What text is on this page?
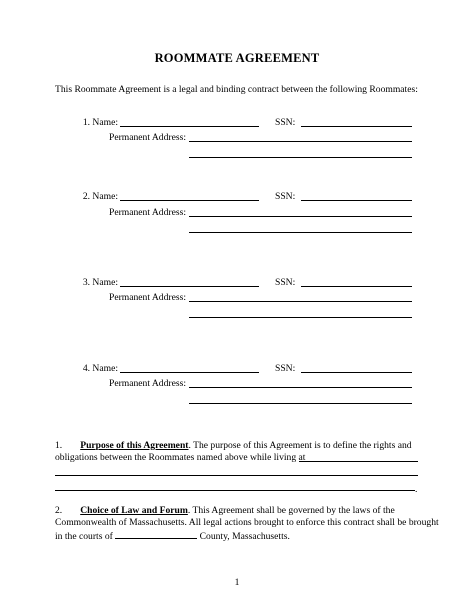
ROOMMATE AGREEMENT
This Roommate Agreement is a legal and binding contract between the following Roommates:
1. Name:	SSN:
Permanent Address:
2. Name:	SSN:
Permanent Address:
3. Name:	SSN:
Permanent Address:
4. Name:	SSN:
Permanent Address:
1. Purpose of this Agreement. The purpose of this Agreement is to define the rights and
obligations between the Roommates named above while living at
.
2. Choice of Law and Forum. This Agreement shall be governed by the laws of the
Commonwealth of Massachusetts. All legal actions brought to enforce this contract shall be brought
in the courts of	County, Massachusetts.
1
